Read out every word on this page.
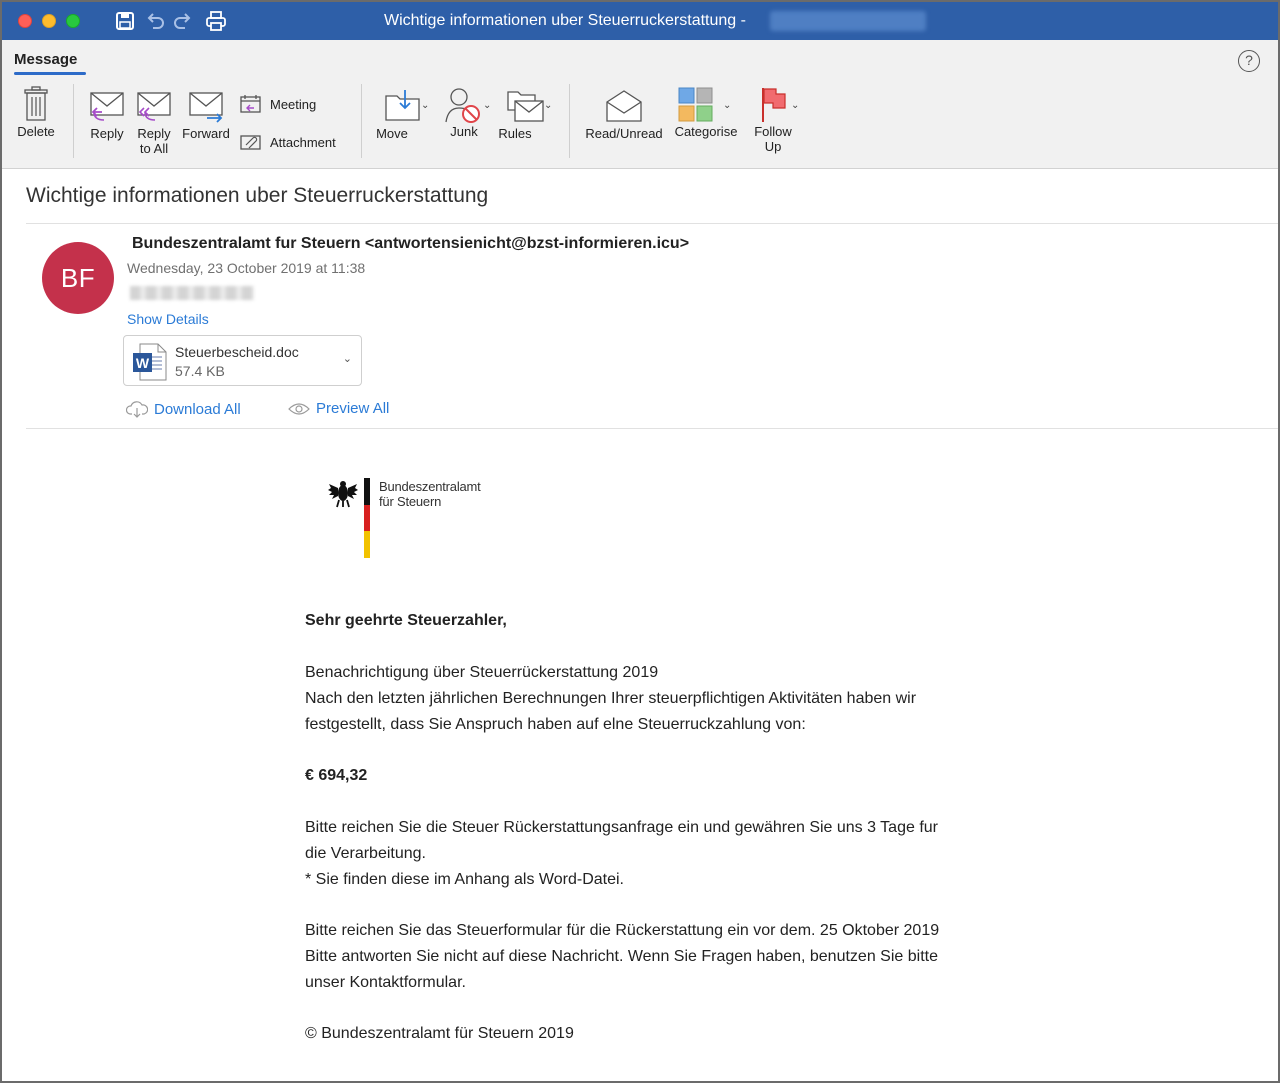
Wichtige informationen uber Steuerruckerstattung -
Message	?
Delete	Reply	Reply
to All
Forward
Meeting
Attachment
Move
⌄
Junk
⌄
Rules
⌄
Read/Unread Categorise
⌄
Follow
Up
⌄
Wichtige informationen uber Steuerruckerstattung
BF
Bundeszentralamt fur Steuern <antwortensienicht@bzst-informieren.icu>
Wednesday, 23 October 2019 at 11:38
Show Details
W
Steuerbescheid.doc
57.4 KB
⌄
Download All	Preview All
Bundeszentralamt
für Steuern
Sehr geehrte Steuerzahler,
Benachrichtigung über Steuerrückerstattung 2019
Nach den letzten jährlichen Berechnungen Ihrer steuerpflichtigen Aktivitäten haben wir
festgestellt, dass Sie Anspruch haben auf elne Steuerruckzahlung von:
€ 694,32
Bitte reichen Sie die Steuer Rückerstattungsanfrage ein und gewähren Sie uns 3 Tage fur
die Verarbeitung.
* Sie finden diese im Anhang als Word-Datei.
Bitte reichen Sie das Steuerformular für die Rückerstattung ein vor dem. 25 Oktober 2019
Bitte antworten Sie nicht auf diese Nachricht. Wenn Sie Fragen haben, benutzen Sie bitte
unser Kontaktformular.
© Bundeszentralamt für Steuern 2019
